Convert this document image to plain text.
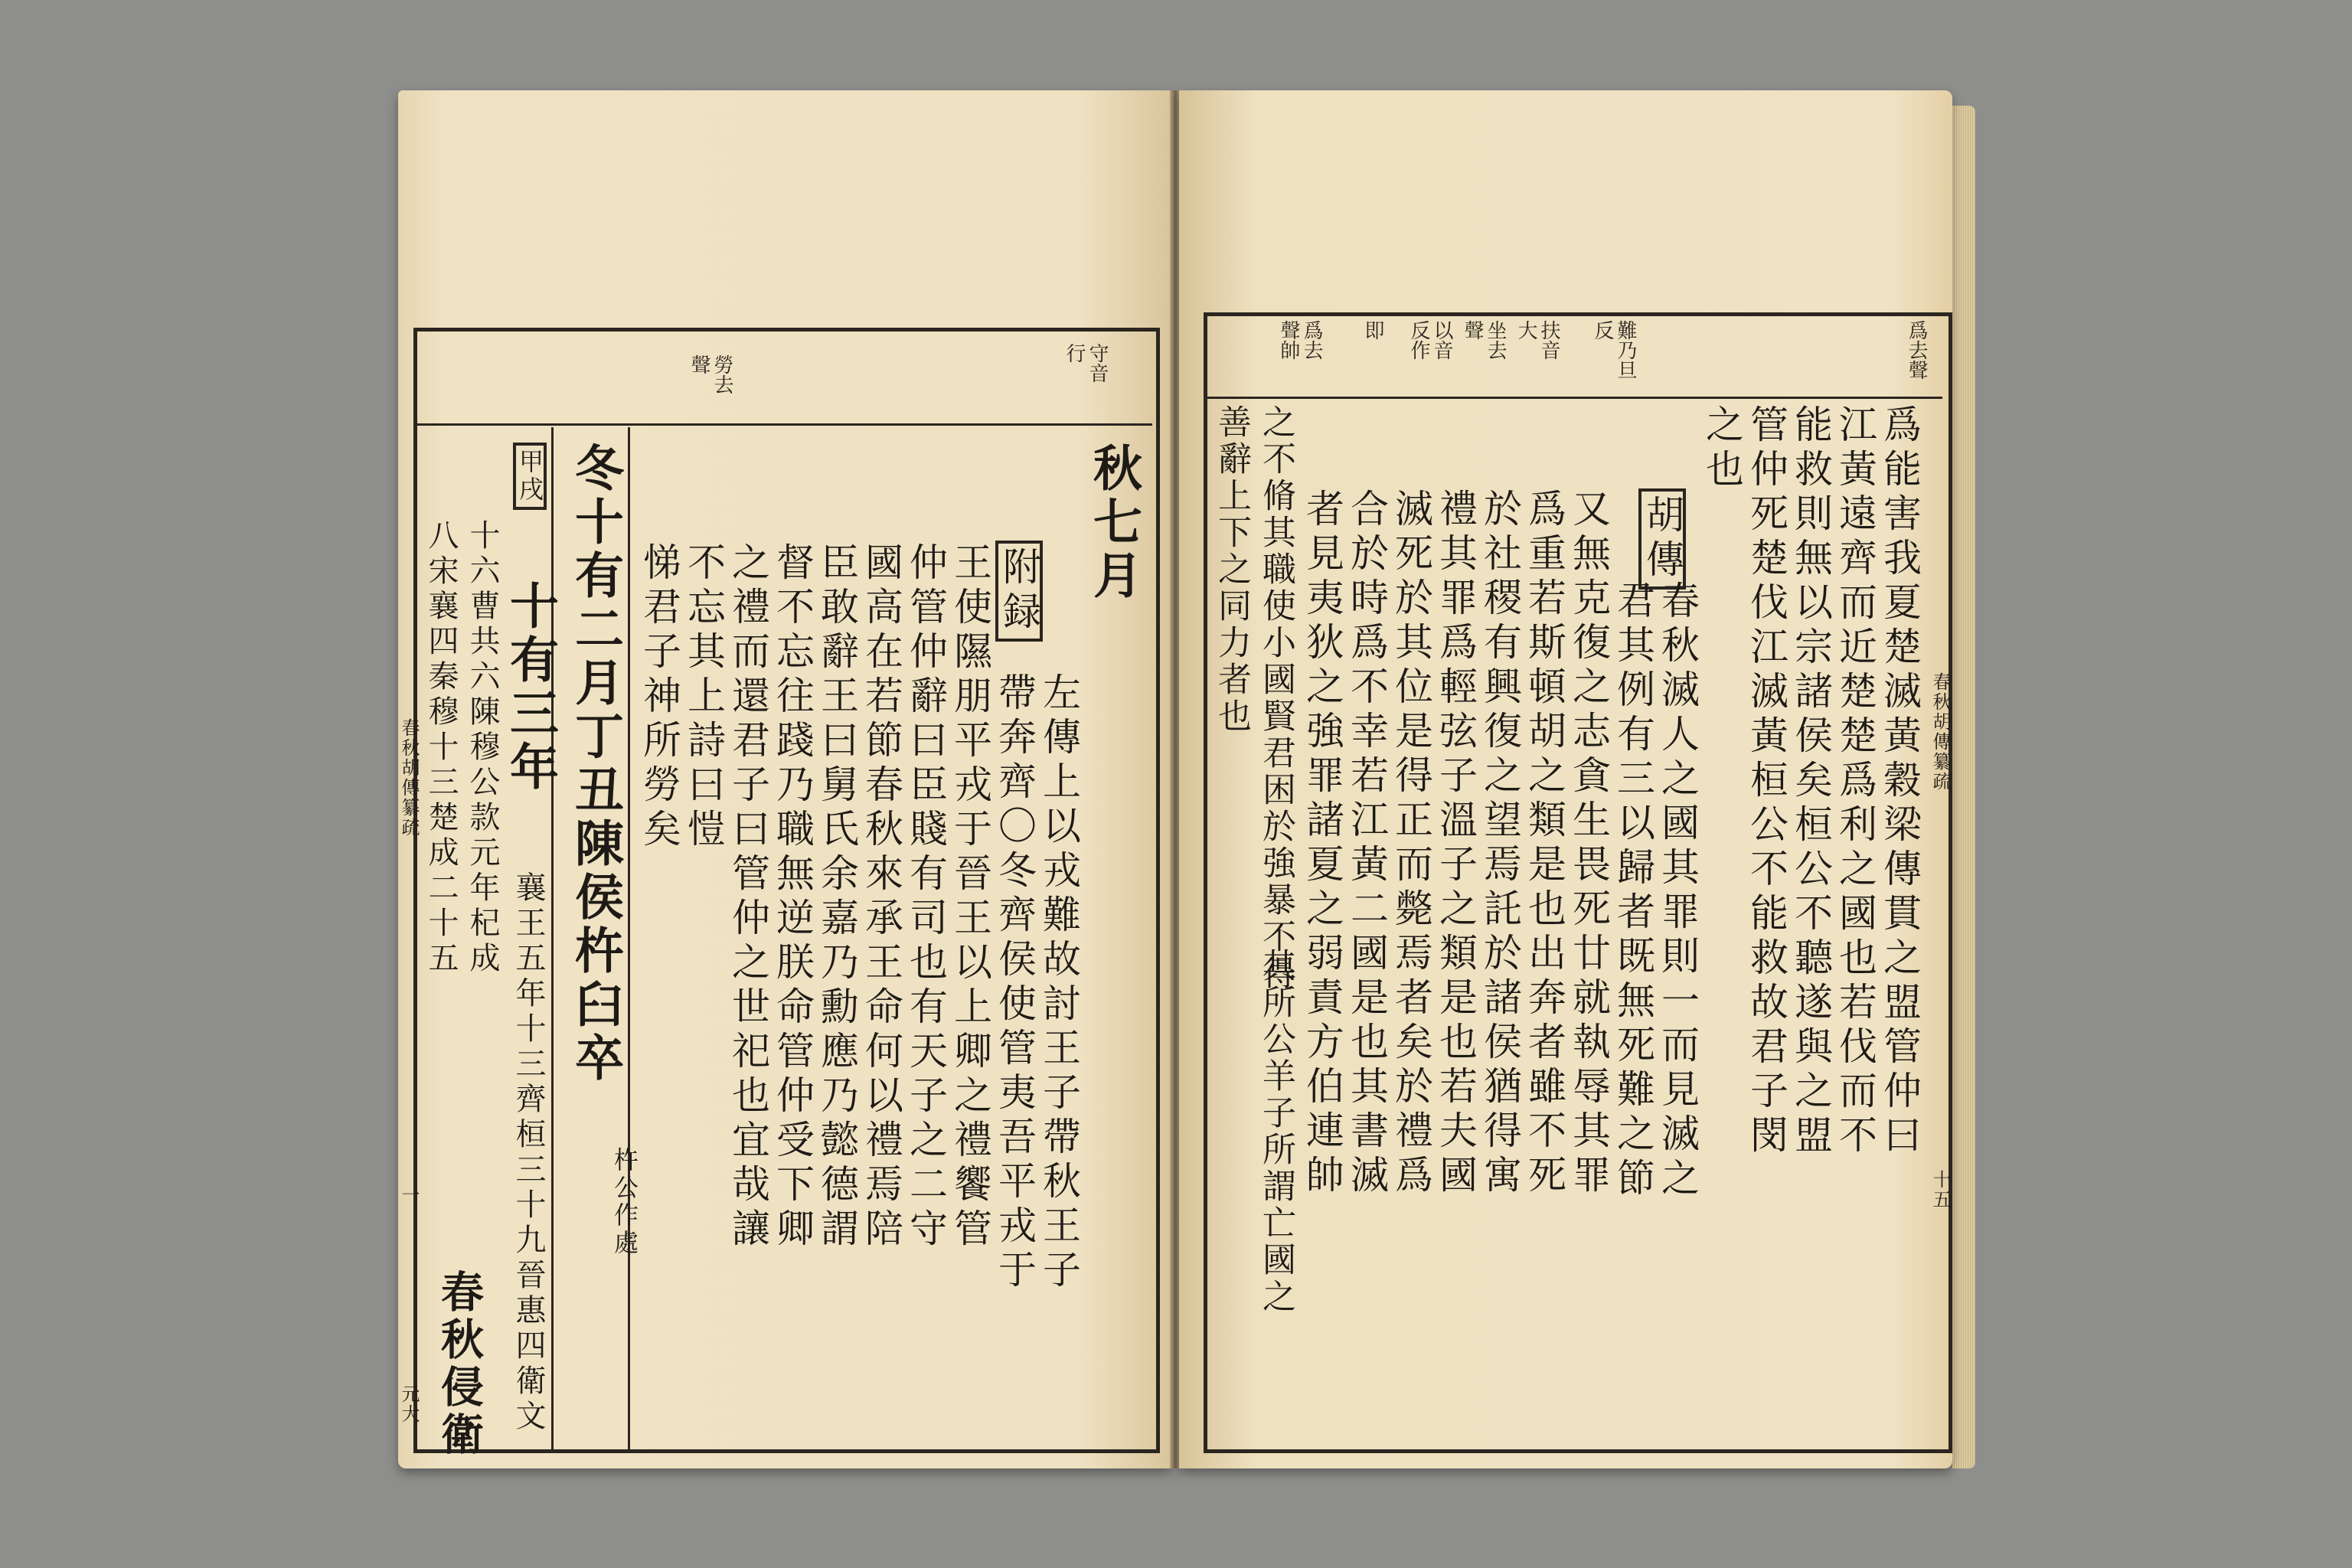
守音
行
勞去
聲
秋七月
附録
左傳上以戎難故討王子帶秋王子
帶奔齊〇冬齊侯使管夷吾平戎于
王使隰朋平戎于晉王以上卿之禮饗管
仲管仲辭曰臣賤有司也有天子之二守
國高在若節春秋來承王命何以禮焉陪
臣敢辭王曰舅氏余嘉乃勳應乃懿德謂
督不忘往踐乃職無逆朕命管仲受下卿
之禮而還君子曰管仲之世祀也宜哉讓
不忘其上詩曰愷
悌君子神所勞矣
冬十有二月丁丑陳侯杵臼卒
杵公作處
甲戌
十有三年
襄王五年十三齊桓三十九晉惠四衛文
十六曹共六陳穆公款元年杞成
八宋襄四秦穆十三楚成二十五
春秋侵衛
春秋胡傳纂疏
一
元大
爲去聲
難乃旦
反
扶音
大
坐去
聲
以音
反作
即
爲去
聲帥
爲能害我夏楚滅黃穀梁傳貫之盟管仲曰
江黃遠齊而近楚楚爲利之國也若伐而不
能救則無以宗諸侯矣桓公不聽遂與之盟
管仲死楚伐江滅黃桓公不能救故君子閔
之也
胡傳
春秋滅人之國其罪則一而見滅之
君其例有三以歸者既無死難之節
又無克復之志貪生畏死廿就執辱其罪
爲重若斯頓胡之類是也出奔者雖不死
於社稷有興復之望焉託於諸侯猶得寓
禮其罪爲輕弦子溫子之類是也若夫國
滅死於其位是得正而斃焉者矣於禮爲
合於時爲不幸若江黃二國是也其書滅
者見夷狄之強罪諸夏之弱責方伯連帥
之不脩其職使小國賢君困於強暴不得
其所公羊子所謂亡國之
春秋胡傳纂疏
十五
善辭上下之同力者也
